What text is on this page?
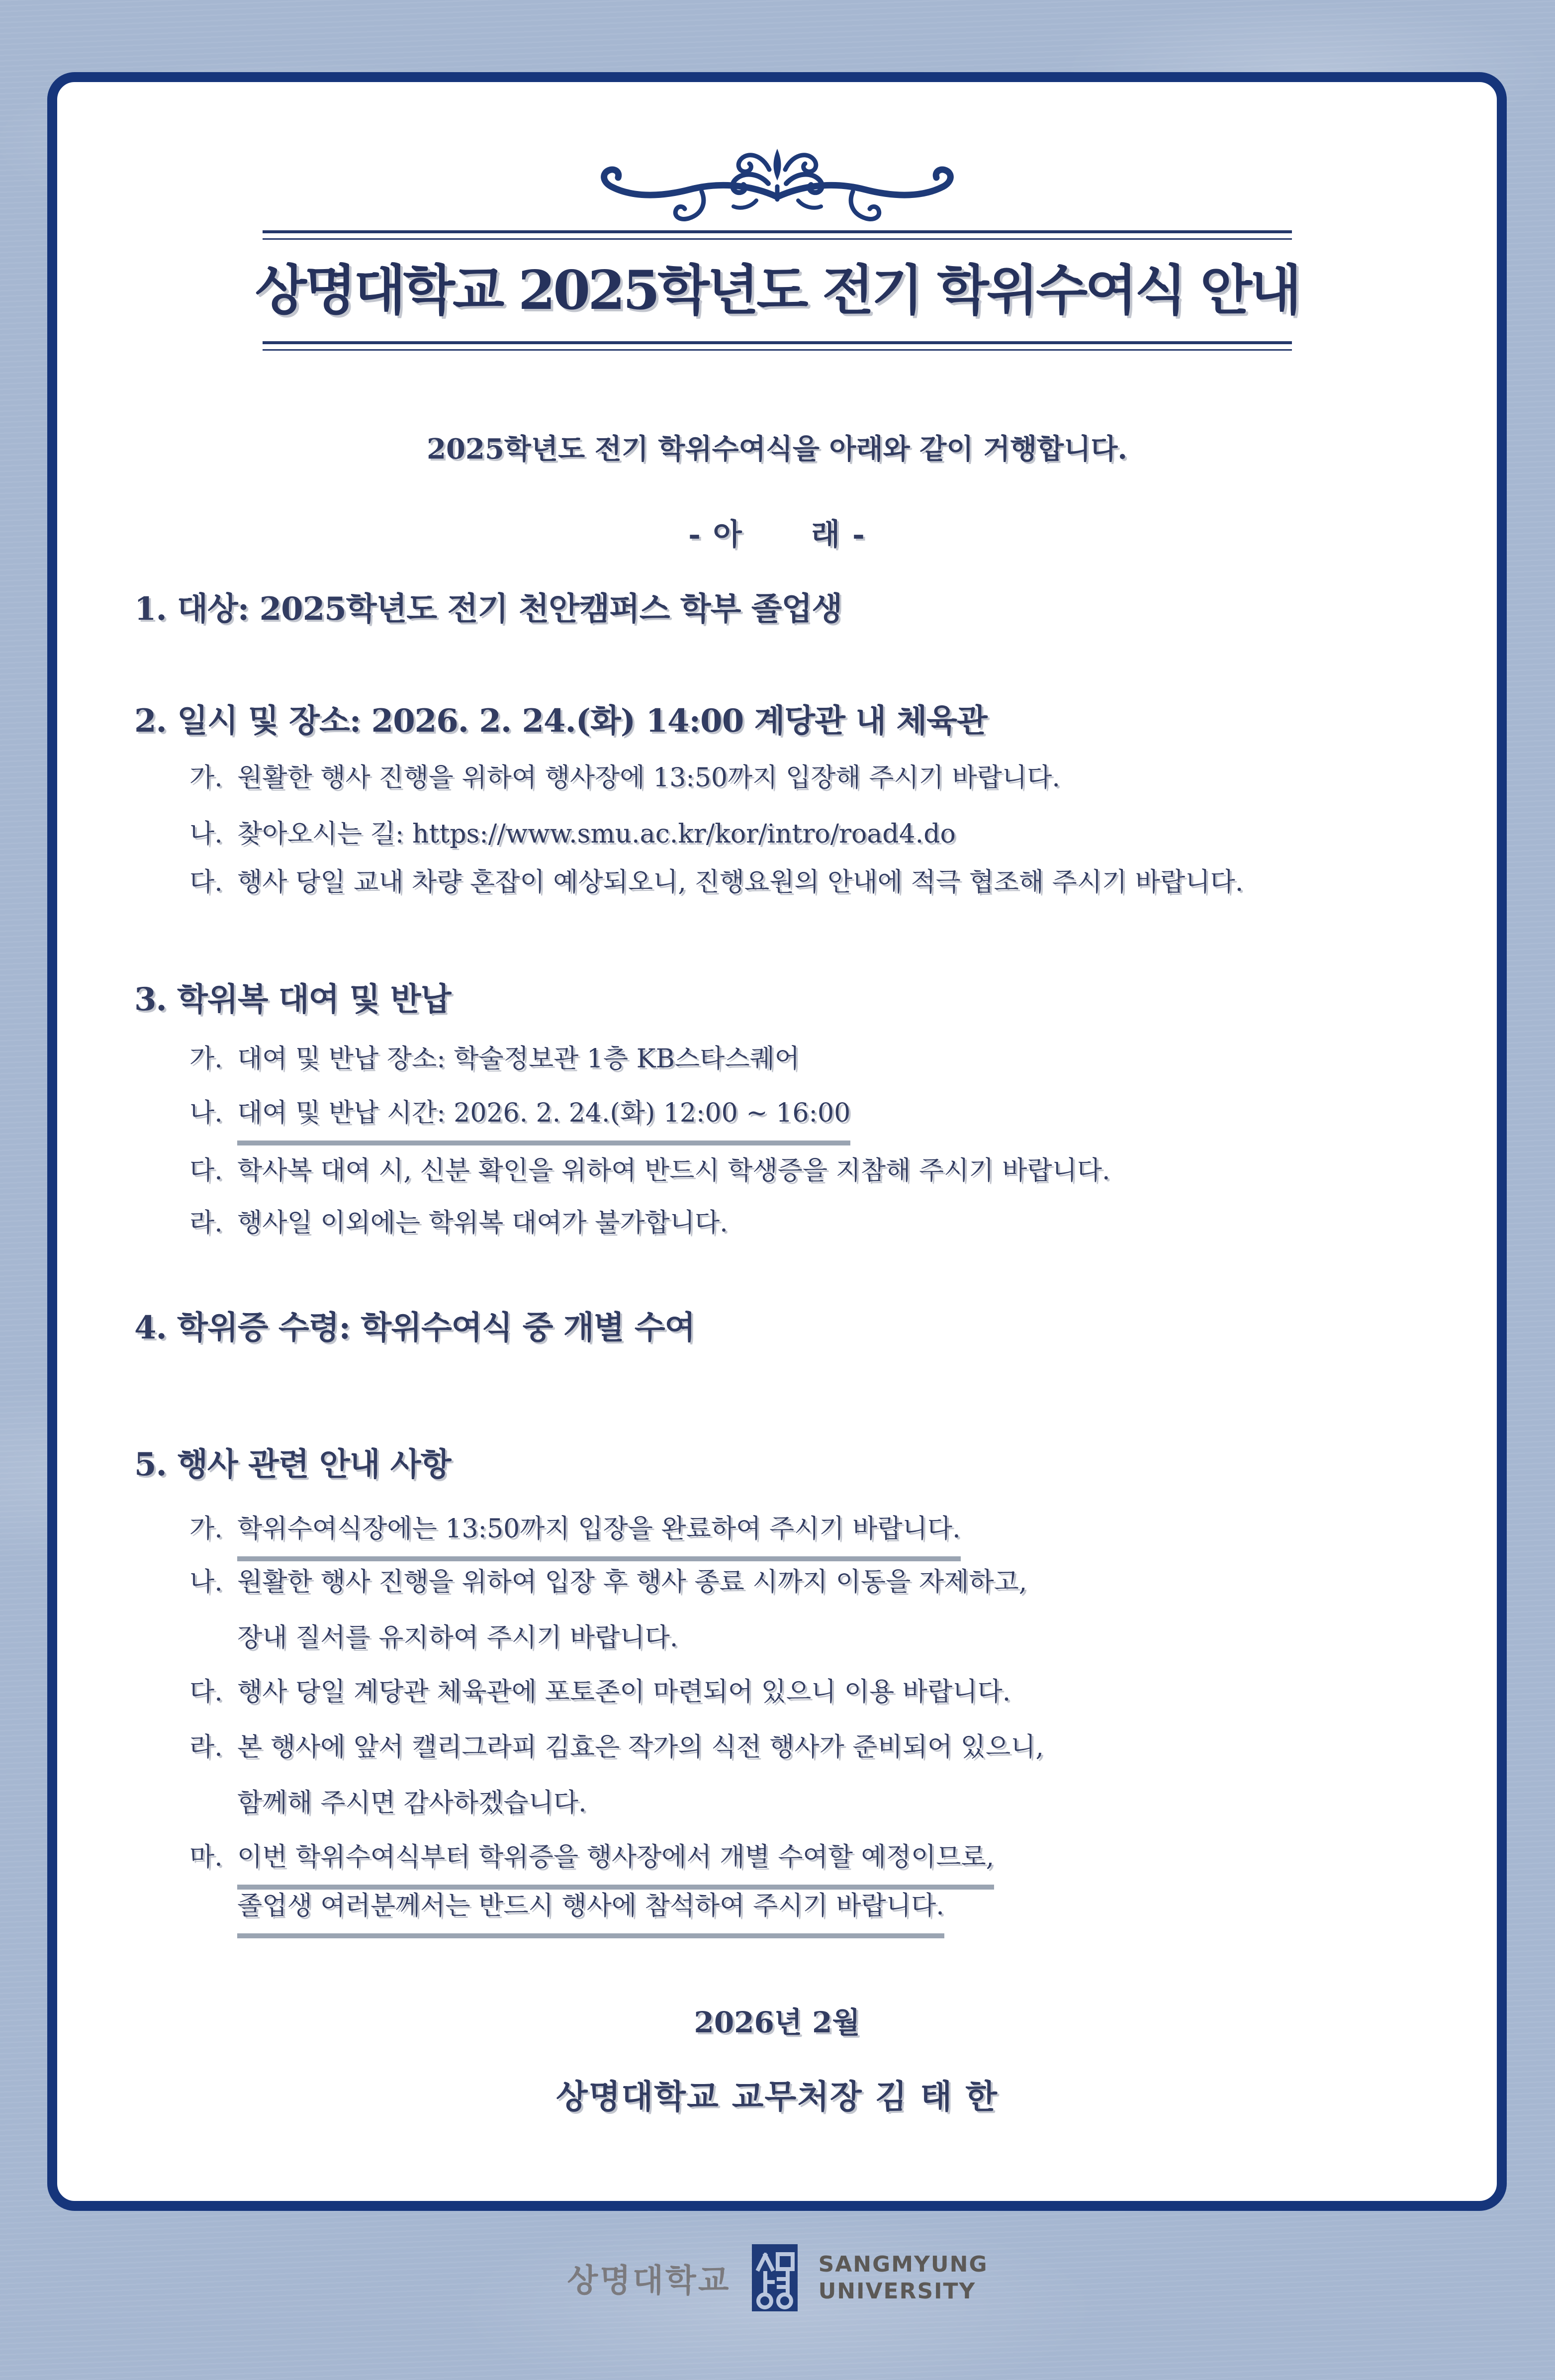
상명대학교 2025학년도 전기 학위수여식 안내
2025학년도 전기 학위수여식을 아래와 같이 거행합니다.
- 아      래 -
1. 대상: 2025학년도 전기 천안캠퍼스 학부 졸업생
2. 일시 및 장소: 2026. 2. 24.(화) 14:00 계당관 내 체육관
가. 원활한 행사 진행을 위하여 행사장에 13:50까지 입장해 주시기 바랍니다.
나. 찾아오시는 길: https://www.smu.ac.kr/kor/intro/road4.do
다. 행사 당일 교내 차량 혼잡이 예상되오니, 진행요원의 안내에 적극 협조해 주시기 바랍니다.
3. 학위복 대여 및 반납
가. 대여 및 반납 장소: 학술정보관 1층 KB스타스퀘어
나. 대여 및 반납 시간: 2026. 2. 24.(화) 12:00 ~ 16:00
다. 학사복 대여 시, 신분 확인을 위하여 반드시 학생증을 지참해 주시기 바랍니다.
라. 행사일 이외에는 학위복 대여가 불가합니다.
4. 학위증 수령: 학위수여식 중 개별 수여
5. 행사 관련 안내 사항
가. 학위수여식장에는 13:50까지 입장을 완료하여 주시기 바랍니다.
나. 원활한 행사 진행을 위하여 입장 후 행사 종료 시까지 이동을 자제하고,
장내 질서를 유지하여 주시기 바랍니다.
다. 행사 당일 계당관 체육관에 포토존이 마련되어 있으니 이용 바랍니다.
라. 본 행사에 앞서 캘리그라피 김효은 작가의 식전 행사가 준비되어 있으니,
함께해 주시면 감사하겠습니다.
마. 이번 학위수여식부터 학위증을 행사장에서 개별 수여할 예정이므로,
졸업생 여러분께서는 반드시 행사에 참석하여 주시기 바랍니다.
2026년 2월
상명대학교 교무처장 김 태 한
상명대학교	SANGMYUNG
UNIVERSITY
